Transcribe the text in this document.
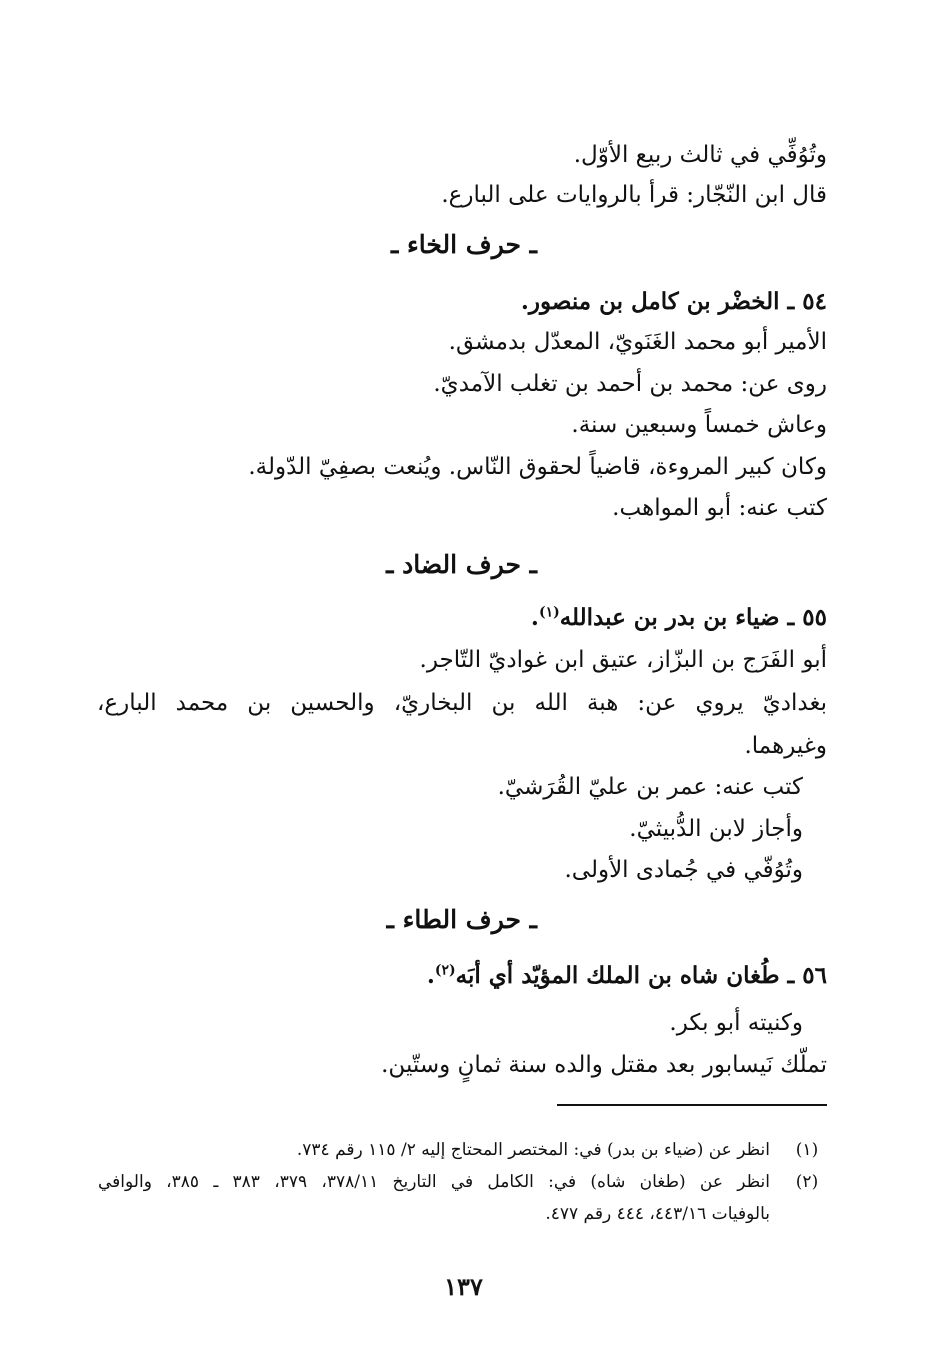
وتُوُفِّي في ثالث ربيع الأوّل.
قال ابن النّجّار: قرأ بالروايات على البارع.
ـ حرف الخاء ـ
٥٤ ـ الخضْر بن كامل بن منصور.
الأمير أبو محمد الغَنَويّ، المعدّل بدمشق.
روى عن: محمد بن أحمد بن تغلب الآمديّ.
وعاش خمساً وسبعين سنة.
وكان كبير المروءة، قاضياً لحقوق النّاس. ويُنعت بصفِيّ الدّولة.
كتب عنه: أبو المواهب.
ـ حرف الضاد ـ
٥٥ ـ ضياء بن بدر بن عبدالله$^{(١)}$.
أبو الفَرَج بن البزّاز، عتيق ابن غواديّ التّاجر.
بغداديّ يروي عن: هبة الله بن البخاريّ، والحسين بن محمد البارع،
وغيرهما.
كتب عنه: عمر بن عليّ القُرَشيّ.
وأجاز لابن الدُّبيثيّ.
وتُوُفّي في جُمادى الأولى.
ـ حرف الطاء ـ
٥٦ ـ طُغان شاه بن الملك المؤيّد أي أبَه$^{(٢)}$.
وكنيته أبو بكر.
تملّك نَيسابور بعد مقتل والده سنة ثمانٍ وستّين.
(١)
انظر عن (ضياء بن بدر) في: المختصر المحتاج إليه ٢/ ١١٥ رقم ٧٣٤.
(٢)
انظر عن (طغان شاه) في: الكامل في التاريخ ٣٧٨/١١، ٣٧٩، ٣٨٣ ـ ٣٨٥، والوافي
بالوفيات ٤٤٣/١٦، ٤٤٤ رقم ٤٧٧.
١٣٧
